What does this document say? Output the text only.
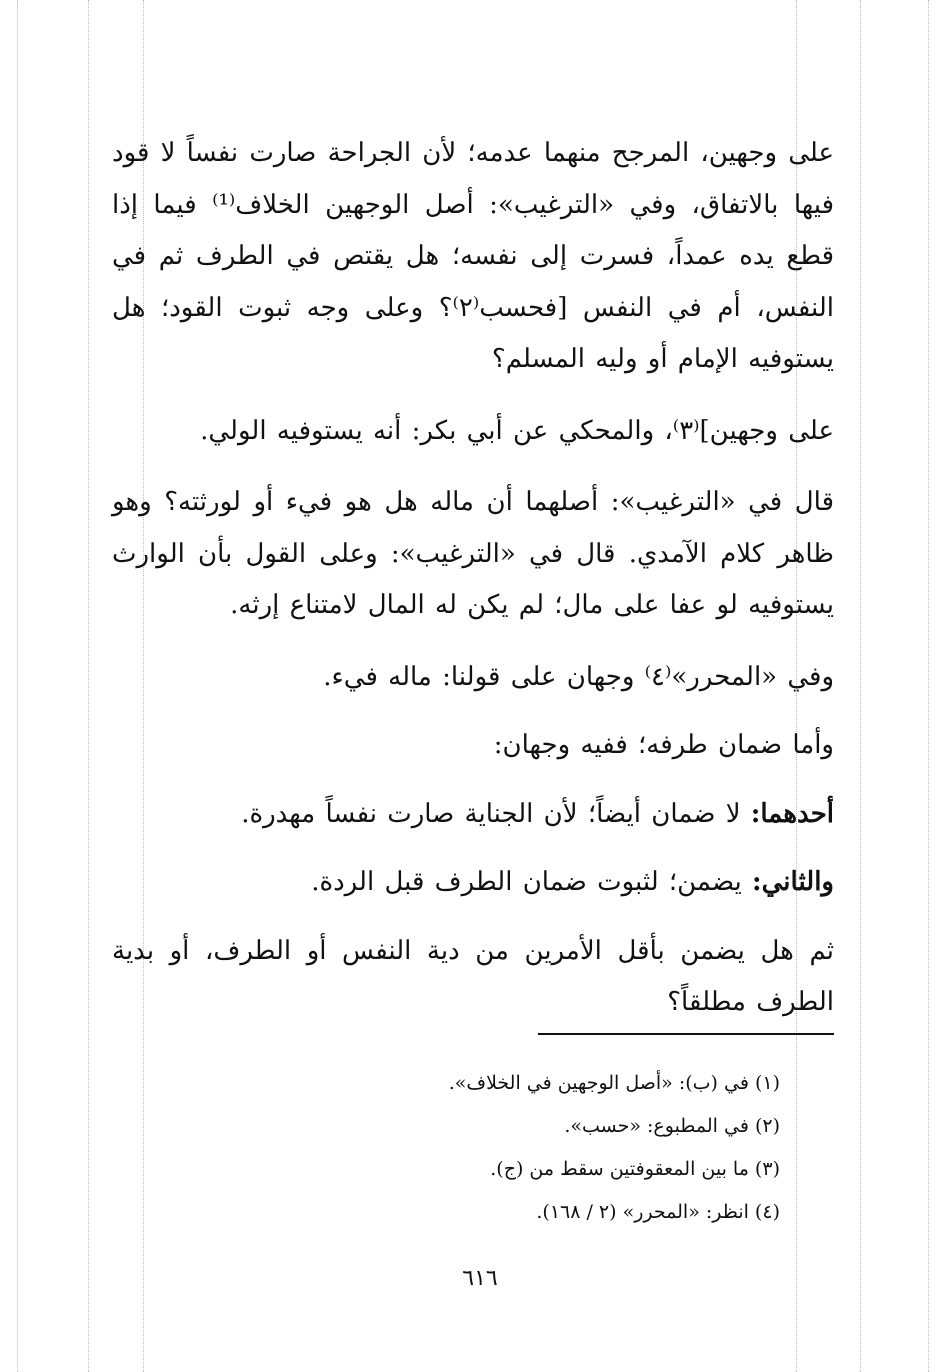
على وجهين، المرجح منهما عدمه؛ لأن الجراحة صارت نفساً لا قود فيها بالاتفاق، وفي «الترغيب»: أصل الوجهين الخلاف⁽¹⁾ فيما إذا قطع يده عمداً، فسرت إلى نفسه؛ هل يقتص في الطرف ثم في النفس، أم في النفس [فحسب⁽٢⁾؟ وعلى وجه ثبوت القود؛ هل يستوفيه الإمام أو وليه المسلم؟

على وجهين]⁽٣⁾، والمحكي عن أبي بكر: أنه يستوفيه الولي.

قال في «الترغيب»: أصلهما أن ماله هل هو فيء أو لورثته؟ وهو ظاهر كلام الآمدي. قال في «الترغيب»: وعلى القول بأن الوارث يستوفيه لو عفا على مال؛ لم يكن له المال لامتناع إرثه.

وفي «المحرر»⁽٤⁾ وجهان على قولنا: ماله فيء.

وأما ضمان طرفه؛ ففيه وجهان:

أحدهما: لا ضمان أيضاً؛ لأن الجناية صارت نفساً مهدرة.

والثاني: يضمن؛ لثبوت ضمان الطرف قبل الردة.

ثم هل يضمن بأقل الأمرين من دية النفس أو الطرف، أو بدية الطرف مطلقاً؟

(١) في (ب): «أصل الوجهين في الخلاف».

(٢) في المطبوع: «حسب».

(٣) ما بين المعقوفتين سقط من (ج).

(٤) انظر: «المحرر» (٢ / ١٦٨).

٦١٦
